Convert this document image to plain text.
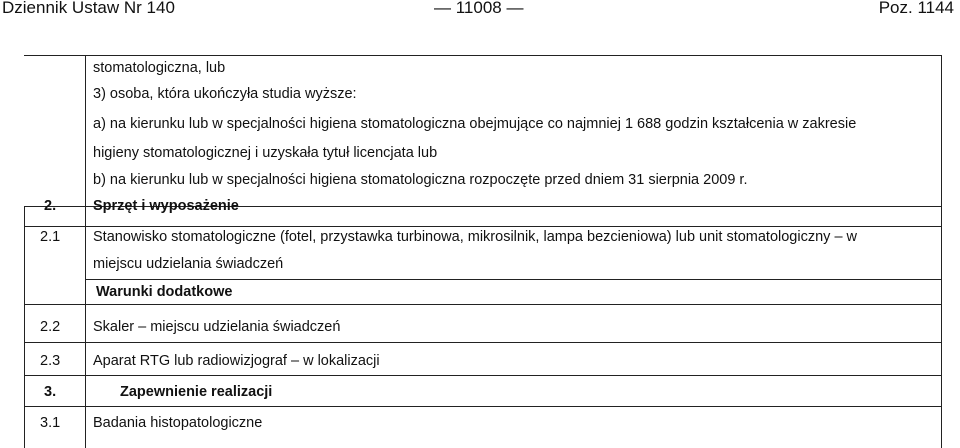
Dziennik Ustaw Nr 140	— 11008 —	Poz. 1144
stomatologiczna, lub
3) osoba, która ukończyła studia wyższe:
a) na kierunku lub w specjalności higiena stomatologiczna obejmujące co najmniej 1 688 godzin kształcenia w zakresie
higieny stomatologicznej i uzyskała tytuł licencjata lub
b) na kierunku lub w specjalności higiena stomatologiczna rozpoczęte przed dniem 31 sierpnia 2009 r.
2.	Sprzęt i wyposażenie
2.1 Stanowisko stomatologiczne (fotel, przystawka turbinowa, mikrosilnik, lampa bezcieniowa) lub unit stomatologiczny – w
miejscu udzielania świadczeń
Warunki dodatkowe
2.2 Skaler – miejscu udzielania świadczeń
2.3 Aparat RTG lub radiowizjograf – w lokalizacji
3.	Zapewnienie realizacji
3.1 Badania histopatologiczne
